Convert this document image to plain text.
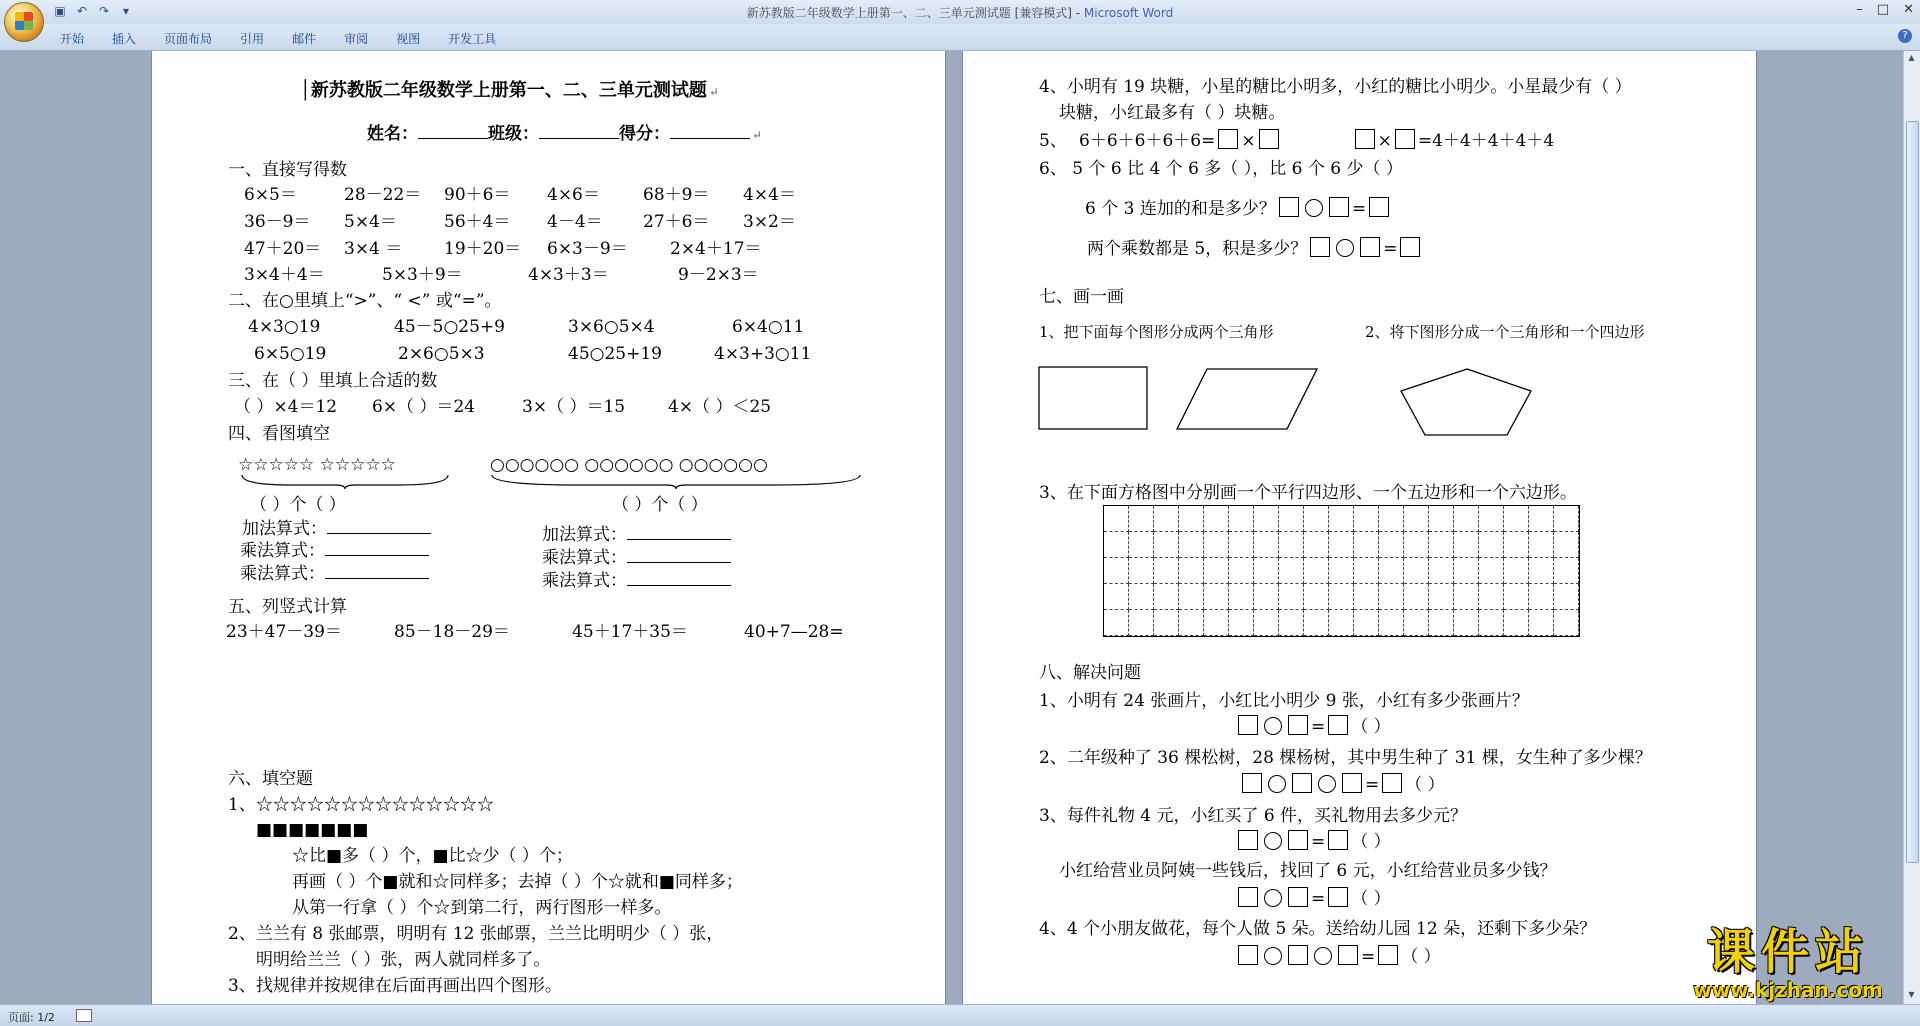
▣ ↶ ↷	▾	新苏教版二年级数学上册第一、二、三单元测试题 [兼容模式] - Microsoft Word	– □ ✕
开始 插入 页面布局 引用 邮件 审阅 视图 开发工具	?
│新苏教版二年级数学上册第一、二、三单元测试题 ↵
姓名：	班级：	得分：	↵
一、直接写得数
6×5＝	28－22＝ 90＋6＝ 4×6＝	68＋9＝ 4×4＝
36－9＝ 5×4＝	56＋4＝ 4－4＝ 27＋6＝ 3×2＝
47＋20＝ 3×4 ＝ 19＋20＝ 6×3－9＝ 2×4＋17＝
3×4＋4＝	5×3＋9＝	4×3＋3＝	9－2×3＝
二、在○里填上“>”、“ <” 或“=”。
4×3○19	45－5○25+9	3×6○5×4	6×4○11
6×5○19	2×6○5×3	45○25+19	4×3+3○11
三、在（ ）里填上合适的数
（ ）×4＝12 6×（ ）＝24	3×（ ）＝15	4×（ ）＜25
四、看图填空
☆☆☆☆☆ ☆☆☆☆☆	○○○○○○ ○○○○○○ ○○○○○○
（ ）个（ ）	（ ）个（ ）
加法算式：
乘法算式：
乘法算式：
加法算式：
乘法算式：
乘法算式：
五、列竖式计算
23＋47－39＝	85－18－29＝	45＋17＋35＝	40+7—28=
六、填空题
1、☆☆☆☆☆☆☆☆☆☆☆☆☆☆
■■■■■■■
☆比■多（ ）个，■比☆少（ ）个；
再画（ ）个■就和☆同样多；去掉（ ）个☆就和■同样多；
从第一行拿（ ）个☆到第二行，两行图形一样多。
2、兰兰有 8 张邮票，明明有 12 张邮票，兰兰比明明少（ ）张，
明明给兰兰（ ）张，两人就同样多了。
3、找规律并按规律在后面再画出四个图形。
4、小明有 19 块糖，小星的糖比小明多，小红的糖比小明少。小星最少有（ ）
块糖，小红最多有（ ）块糖。
5、 6＋6＋6＋6＋6= ×	× =4＋4＋4＋4＋4
6、 5 个 6 比 4 个 6 多（ ），比 6 个 6 少（ ）
6 个 3 连加的和是多少？	=
两个乘数都是 5，积是多少？	=
七、画一画
1、把下面每个图形分成两个三角形	2、将下图形分成一个三角形和一个四边形
3、在下面方格图中分别画一个平行四边形、一个五边形和一个六边形。
八、解决问题
1、小明有 24 张画片，小红比小明少 9 张，小红有多少张画片？
= （ ）
2、二年级种了 36 棵松树，28 棵杨树，其中男生种了 31 棵，女生种了多少棵？
= （ ）
3、每件礼物 4 元，小红买了 6 件，买礼物用去多少元？
= （ ）
小红给营业员阿姨一些钱后，找回了 6 元，小红给营业员多少钱？
= （ ）
4、4 个小朋友做花，每个人做 5 朵。送给幼儿园 12 朵，还剩下多少朵？
= （ ）
▲
▼
页面: 1/2
课件站
www.kjzhan.com
